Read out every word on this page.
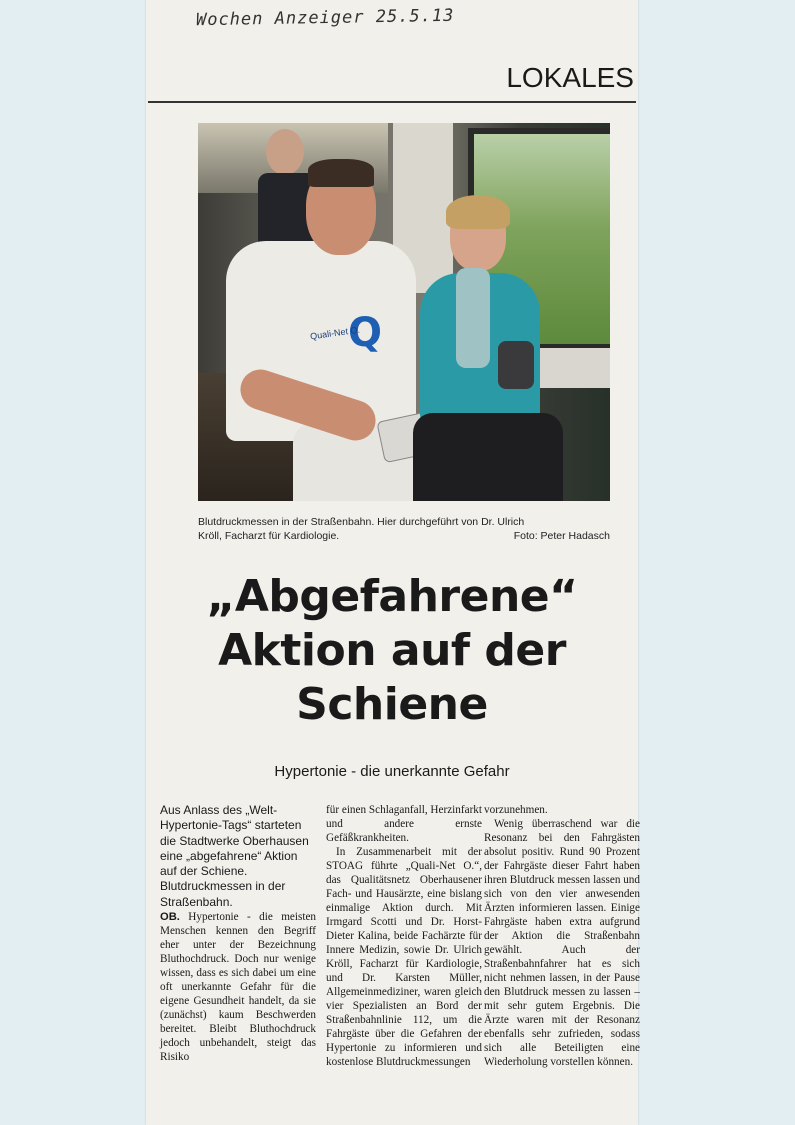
Wochen Anzeiger 25.5.13
LOKALES
Q
Quali-Net O.
Blutdruckmessen in der Straßenbahn. Hier durchgeführt von Dr. Ulrich Kröll, Facharzt für Kardiologie.	Foto: Peter Hadasch
„Abgefahrene“
Aktion auf der
Schiene
Hypertonie - die unerkannte Gefahr

Aus Anlass des „Welt-Hypertonie-Tags“ starteten die Stadtwerke Oberhausen eine „abgefahrene“ Aktion auf der Schiene. Blutdruckmessen in der Straßenbahn.

OB. Hypertonie - die meisten Menschen kennen den Begriff eher unter der Bezeichnung Bluthochdruck. Doch nur wenige wissen, dass es sich dabei um eine oft unerkannte Gefahr für die eigene Gesundheit handelt, da sie (zunächst) kaum Beschwerden bereitet. Bleibt Bluthochdruck jedoch unbehandelt, steigt das Risiko

für einen Schlaganfall, Herzinfarkt und andere ernste Gefäßkrankheiten.

In Zusammenarbeit mit der STOAG führte „Quali-Net O.“, das Qualitätsnetz Oberhausener Fach- und Hausärzte, eine bislang einmalige Aktion durch. Mit Irmgard Scotti und Dr. Horst-Dieter Kalina, beide Fachärzte für Innere Medizin, sowie Dr. Ulrich Kröll, Facharzt für Kardiologie, und Dr. Karsten Müller, Allgemeinmediziner, waren gleich vier Spezialisten an Bord der Straßenbahnlinie 112, um die Fahrgäste über die Gefahren der Hypertonie zu informieren und kostenlose Blutdruckmessungen

vorzunehmen.

Wenig überraschend war die Resonanz bei den Fahrgästen absolut positiv. Rund 90 Prozent der Fahrgäste dieser Fahrt haben ihren Blutdruck messen lassen und sich von den vier anwesenden Ärzten informieren lassen. Einige Fahrgäste haben extra aufgrund der Aktion die Straßenbahn gewählt. Auch der Straßenbahnfahrer hat es sich nicht nehmen lassen, in der Pause den Blutdruck messen zu lassen – mit sehr gutem Ergebnis. Die Ärzte waren mit der Resonanz ebenfalls sehr zufrieden, sodass sich alle Beteiligten eine Wiederholung vorstellen können.
